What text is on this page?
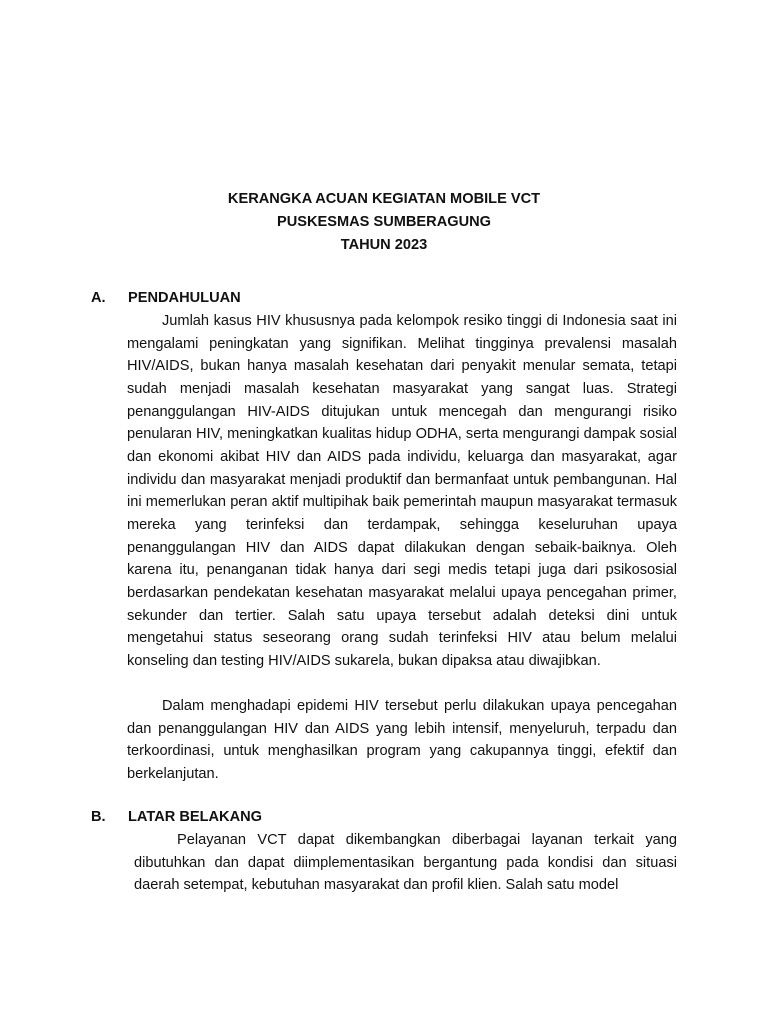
KERANGKA ACUAN KEGIATAN MOBILE VCT
PUSKESMAS SUMBERAGUNG
TAHUN 2023
A. PENDAHULUAN

Jumlah kasus HIV khususnya pada kelompok resiko tinggi di Indonesia saat ini mengalami peningkatan yang signifikan. Melihat tingginya prevalensi masalah HIV/AIDS, bukan hanya masalah kesehatan dari penyakit menular semata, tetapi sudah menjadi masalah kesehatan masyarakat yang sangat luas. Strategi penanggulangan HIV-AIDS ditujukan untuk mencegah dan mengurangi risiko penularan HIV, meningkatkan kualitas hidup ODHA, serta mengurangi dampak sosial dan ekonomi akibat HIV dan AIDS pada individu, keluarga dan masyarakat, agar individu dan masyarakat menjadi produktif dan bermanfaat untuk pembangunan. Hal ini memerlukan peran aktif multipihak baik pemerintah maupun masyarakat termasuk mereka yang terinfeksi dan terdampak, sehingga keseluruhan upaya penanggulangan HIV dan AIDS dapat dilakukan dengan sebaik-baiknya. Oleh karena itu, penanganan tidak hanya dari segi medis tetapi juga dari psikososial berdasarkan pendekatan kesehatan masyarakat melalui upaya pencegahan primer, sekunder dan tertier. Salah satu upaya tersebut adalah deteksi dini untuk mengetahui status seseorang orang sudah terinfeksi HIV atau belum melalui konseling dan testing HIV/AIDS sukarela, bukan dipaksa atau diwajibkan.

Dalam menghadapi epidemi HIV tersebut perlu dilakukan upaya pencegahan dan penanggulangan HIV dan AIDS yang lebih intensif, menyeluruh, terpadu dan terkoordinasi, untuk menghasilkan program yang cakupannya tinggi, efektif dan berkelanjutan.

B. LATAR BELAKANG

Pelayanan VCT dapat dikembangkan diberbagai layanan terkait yang dibutuhkan dan dapat diimplementasikan bergantung pada kondisi dan situasi daerah setempat, kebutuhan masyarakat dan profil klien. Salah satu model
